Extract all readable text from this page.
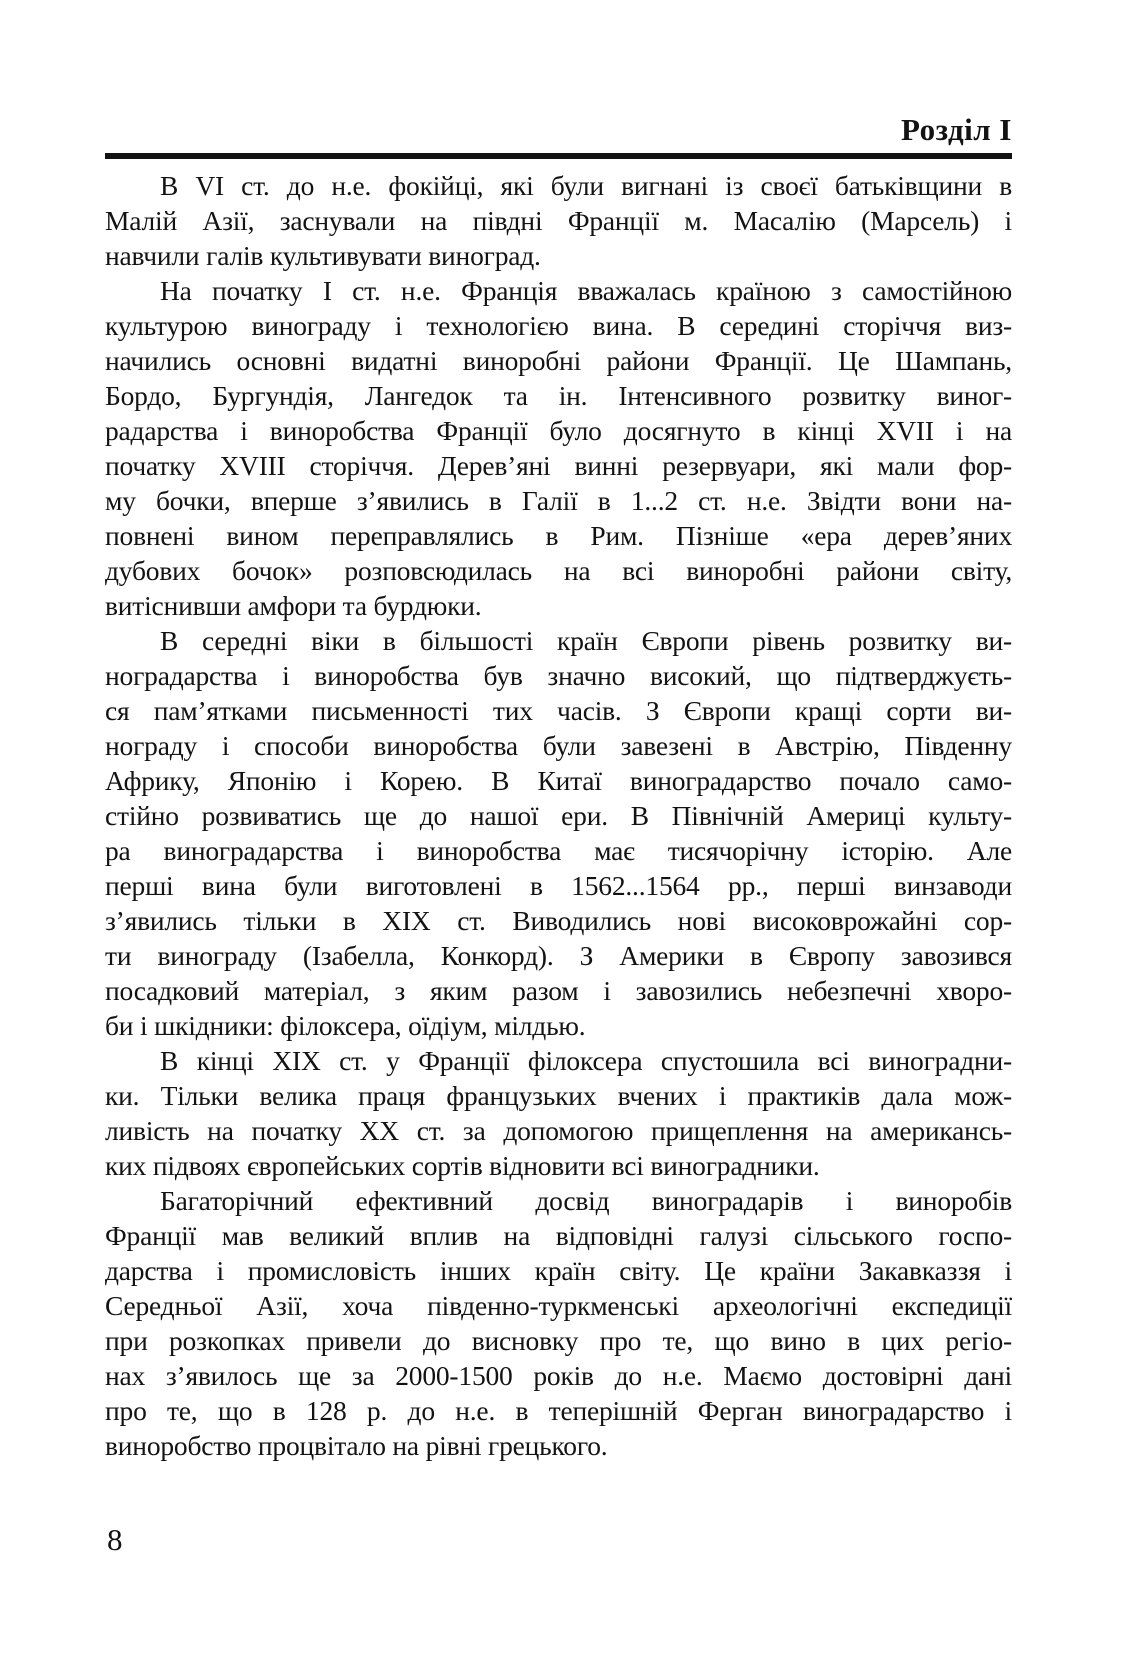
Розділ I
В VI ст. до н.е. фокійці, які були вигнані із своєї батьківщини в
Малій Азії, заснували на півдні Франції м. Масалію (Марсель) і
навчили галів культивувати виноград.
На початку I ст. н.е. Франція вважалась країною з самостійною
культурою винограду і технологією вина. В середині сторіччя виз-
начились основні видатні виноробні райони Франції. Це Шампань,
Бордо, Бургундія, Лангедок та ін. Інтенсивного розвитку виног-
радарства і виноробства Франції було досягнуто в кінці XVII і на
початку XVIII сторіччя. Дерев’яні винні резервуари, які мали фор-
му бочки, вперше з’явились в Галії в 1...2 ст. н.е. Звідти вони на-
повнені вином переправлялись в Рим. Пізніше «ера дерев’яних
дубових бочок» розповсюдилась на всі виноробні райони світу,
витіснивши амфори та бурдюки.
В середні віки в більшості країн Європи рівень розвитку ви-
ноградарства і виноробства був значно високий, що підтверджуєть-
ся пам’ятками письменності тих часів. З Європи кращі сорти ви-
нограду і способи виноробства були завезені в Австрію, Південну
Африку, Японію і Корею. В Китаї виноградарство почало само-
стійно розвиватись ще до нашої ери. В Північній Америці культу-
ра виноградарства і виноробства має тисячорічну історію. Але
перші вина були виготовлені в 1562...1564 рр., перші винзаводи
з’явились тільки в XIX ст. Виводились нові високоврожайні сор-
ти винограду (Ізабелла, Конкорд). З Америки в Європу завозився
посадковий матеріал, з яким разом і завозились небезпечні хворо-
би і шкідники: філоксера, оїдіум, мілдью.
В кінці XIX ст. у Франції філоксера спустошила всі виноградни-
ки. Тільки велика праця французьких вчених і практиків дала мож-
ливість на початку XX ст. за допомогою прищеплення на американсь-
ких підвоях європейських сортів відновити всі виноградники.
Багаторічний ефективний досвід виноградарів і виноробів
Франції мав великий вплив на відповідні галузі сільського госпо-
дарства і промисловість інших країн світу. Це країни Закавказзя і
Середньої Азії, хоча південно-туркменські археологічні експедиції
при розкопках привели до висновку про те, що вино в цих регіо-
нах з’явилось ще за 2000-1500 років до н.е. Маємо достовірні дані
про те, що в 128 р. до н.е. в теперішній Ферган виноградарство і
виноробство процвітало на рівні грецького.
8
